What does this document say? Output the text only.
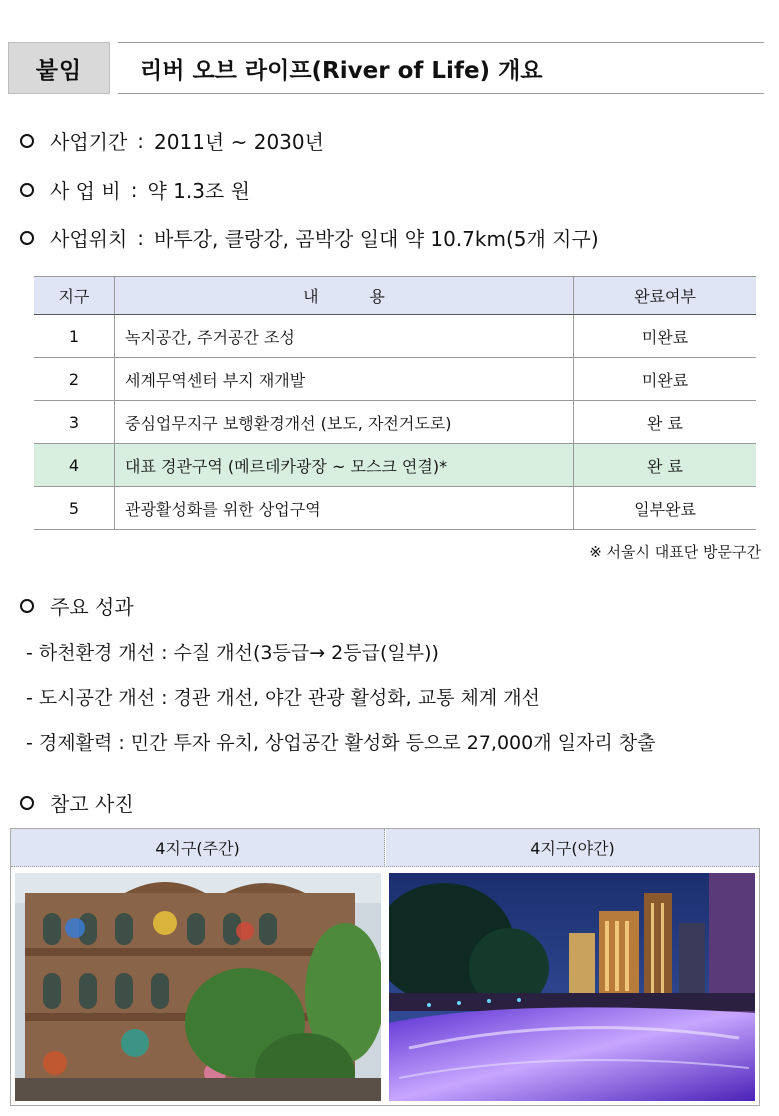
붙임	리버 오브 라이프(River of Life) 개요
사업기간 : 2011년 ~ 2030년
사 업 비 : 약 1.3조 원
사업위치 : 바투강, 클랑강, 곰박강 일대 약 10.7km(5개 지구)
지구	내          용	완료여부
1	녹지공간, 주거공간 조성	미완료
2	세계무역센터 부지 재개발	미완료
3	중심업무지구 보행환경개선 (보도, 자전거도로)	완 료
4	대표 경관구역 (메르데카광장 ~ 모스크 연결)*	완 료
5	관광활성화를 위한 상업구역	일부완료
※ 서울시 대표단 방문구간
주요 성과
- 하천환경 개선 : 수질 개선(3등급→ 2등급(일부))
- 도시공간 개선 : 경관 개선, 야간 관광 활성화, 교통 체계 개선
- 경제활력 : 민간 투자 유치, 상업공간 활성화 등으로 27,000개 일자리 창출
참고 사진
4지구(주간)	4지구(야간)
